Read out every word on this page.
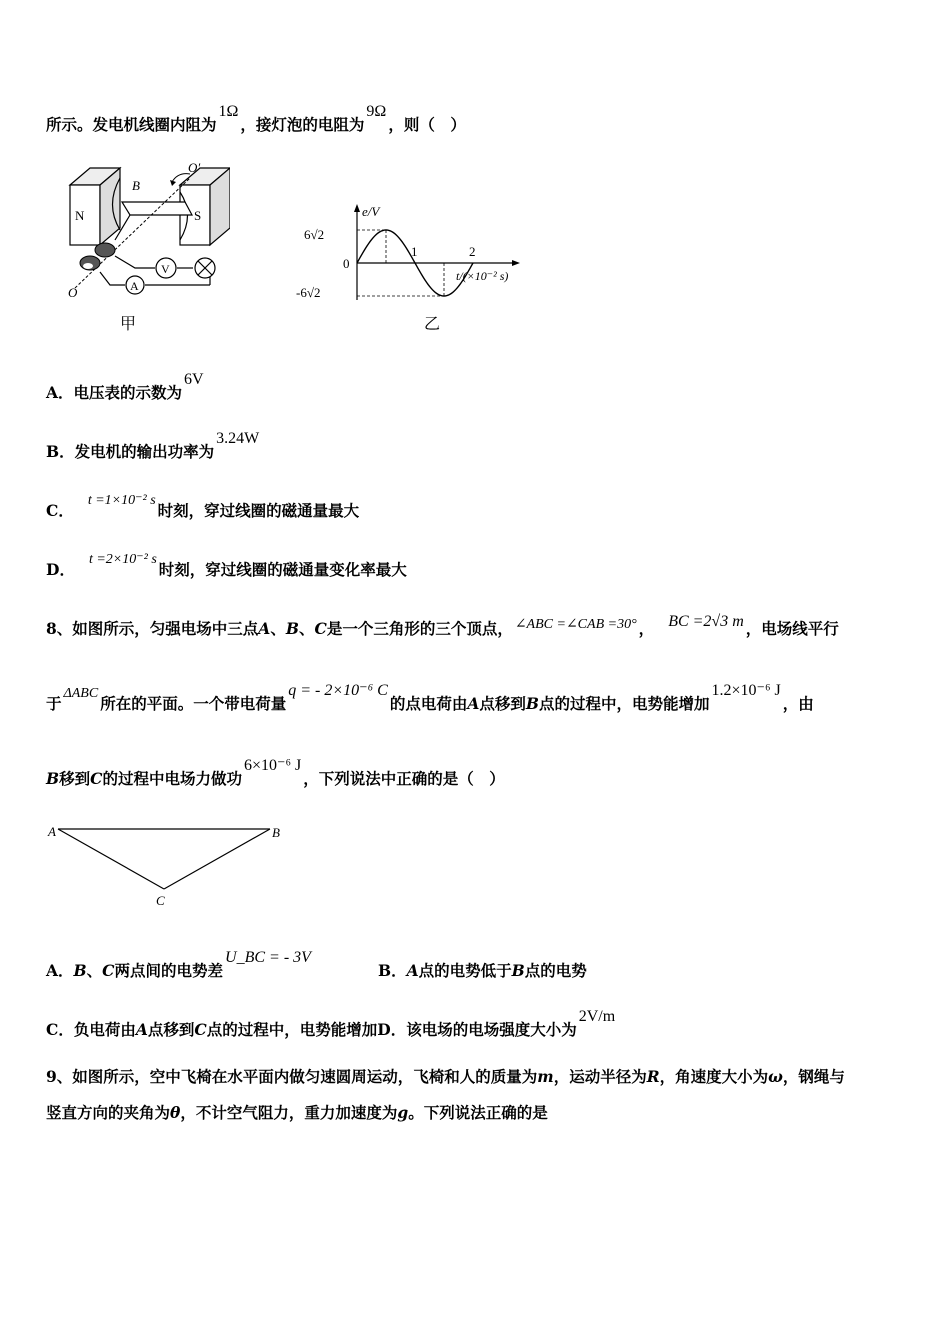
所示。发电机线圈内阻为1Ω，接灯泡的电阻为9Ω，则（　）
N	S
B
O′
O
V
A
甲
e/V
t/(×10⁻² s)
6√2
-6√2
0
1	2
乙
A．电压表的示数为6V
B．发电机的输出功率为3.24W
C．t =1×10⁻² s时刻，穿过线圈的磁通量最大
D．t =2×10⁻² s时刻，穿过线圈的磁通量变化率最大
8、如图所示，匀强电场中三点A、B、C是一个三角形的三个顶点， ∠ABC =∠CAB =30° ， BC =2√3 m ，电场线平行
于ΔABC所在的平面。一个带电荷量q = - 2×10⁻⁶ C的点电荷由A点移到B点的过程中，电势能增加1.2×10⁻⁶ J，由
B移到C的过程中电场力做功6×10⁻⁶ J，下列说法中正确的是（　）
A	B
C
A．B、C两点间的电势差U_BC = - 3V
B．A点的电势低于B点的电势
C．负电荷由A点移到C点的过程中，电势能增加D．该电场的电场强度大小为2V/m
9、如图所示，空中飞椅在水平面内做匀速圆周运动，飞椅和人的质量为m，运动半径为R，角速度大小为ω，钢绳与
竖直方向的夹角为θ，不计空气阻力，重力加速度为g。下列说法正确的是
